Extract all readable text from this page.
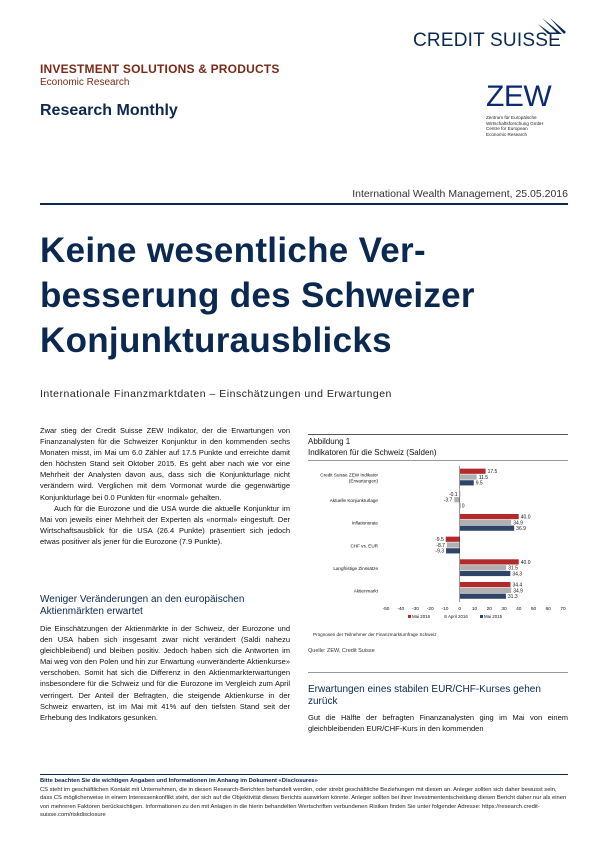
CREDIT SUISSE
INVESTMENT SOLUTIONS & PRODUCTS
Economic Research
Research Monthly	ZEW
Zentrum für Europäische
Wirtschaftsforschung GmbH
Centre for European
Economic Research
International Wealth Management, 25.05.2016
Keine wesentliche Ver-
besserung des Schweizer
Konjunkturausblicks
Internationale Finanzmarktdaten – Einschätzungen und Erwartungen

Zwar stieg der Credit Suisse ZEW Indikator, der die Erwartungen von Finanzanalysten für die Schweizer Konjunktur in den kommenden sechs Monaten misst, im Mai um 6.0 Zähler auf 17.5 Punkte und erreichte damit den höchsten Stand seit Oktober 2015. Es geht aber nach wie vor eine Mehrheit der Analysten davon aus, dass sich die Konjunkturlage nicht verändern wird. Verglichen mit dem Vormonat wurde die gegenwärtige Konjunkturlage bei 0.0 Punkten für «normal» gehalten.

Auch für die Eurozone und die USA wurde die aktuelle Konjunktur im Mai von jeweils einer Mehrheit der Experten als «normal» eingestuft. Der Wirtschaftsausblick für die USA (26.4 Punkte) präsentiert sich jedoch etwas positiver als jener für die Eurozone (7.9 Punkte).

Weniger Veränderungen an den europäischen Aktienmärkten erwartet

Die Einschätzungen der Aktienmärkte in der Schweiz, der Eurozone und den USA haben sich insgesamt zwar nicht verändert (Saldi nahezu gleichbleibend) und bleiben positiv. Jedoch haben sich die Antworten im Mai weg von den Polen und hin zur Erwartung «unveränderte Aktienkurse» verschoben. Somit hat sich die Differenz in den Aktienmarkterwartungen insbesondere für die Schweiz und für die Eurozone im Vergleich zum April verringert. Der Anteil der Befragten, die steigende Aktienkurse in der Schweiz erwarten, ist im Mai mit 41% auf den tiefsten Stand seit der Erhebung des Indikators gesunken.

Abbildung 1
Indikatoren für die Schweiz (Salden)
Credit Suisse ZEW Indikator
(Erwartungen)
Aktuelle Konjunkturlage
Inflationsrate
CHF vs. EUR
Langfristige Zinssätze
Aktienmarkt
17.5
-0.1
40.0
-9.5
40.0
34.4
11.5
-3.7
34.9
-8.7
31.5
34.9
9.5
0
36.9
-9.3
34.3
31.3
-50 -40 -30 -20 -10 0 10 20 30 40 50 60 70
Mai 2016	April 2016	Mai 2015
Prognosen der Teilnehmer der Finanzmarktumfrage Schweiz
Quelle: ZEW, Credit Suisse
Erwartungen eines stabilen EUR/CHF-Kurses gehen zurück

Gut die Hälfte der befragten Finanzanalysten ging im Mai von einem gleichbleibenden EUR/CHF-Kurs in den kommenden

Bitte beachten Sie die wichtigen Angaben und Informationen im Anhang im Dokument «Disclosures»
CS steht im geschäftlichen Kontakt mit Unternehmen, die in diesen Research-Berichten behandelt werden, oder strebt geschäftliche Beziehungen mit diesen an. Anleger sollten sich daher bewusst sein, dass CS möglicherweise in einem Interessenkonflikt steht, der sich auf die Objektivität dieses Berichts auswirken könnte. Anleger sollten bei ihrer Investmententscheidung diesen Bericht daher nur als einen von mehreren Faktoren berücksichtigen. Informationen zu den mit Anlagen in die hierin behandelten Wertschriften verbundenen Risiken finden Sie unter folgender Adresse: https://research.credit-suisse.com/riskdisclosure
